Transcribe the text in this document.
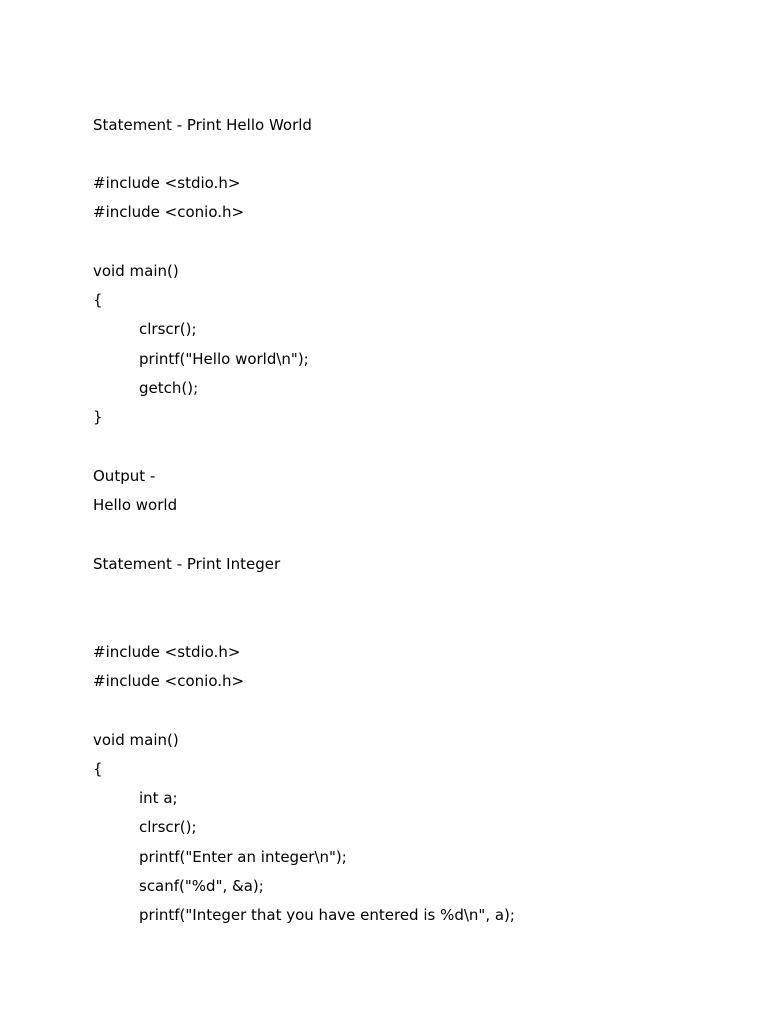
Statement - Print Hello World

#include <stdio.h>

#include <conio.h>

void main()

{

clrscr();

printf("Hello world\n");

getch();

}

Output -

Hello world

Statement - Print Integer

#include <stdio.h>

#include <conio.h>

void main()

{

int a;

clrscr();

printf("Enter an integer\n");

scanf("%d", &a);

printf("Integer that you have entered is %d\n", a);
